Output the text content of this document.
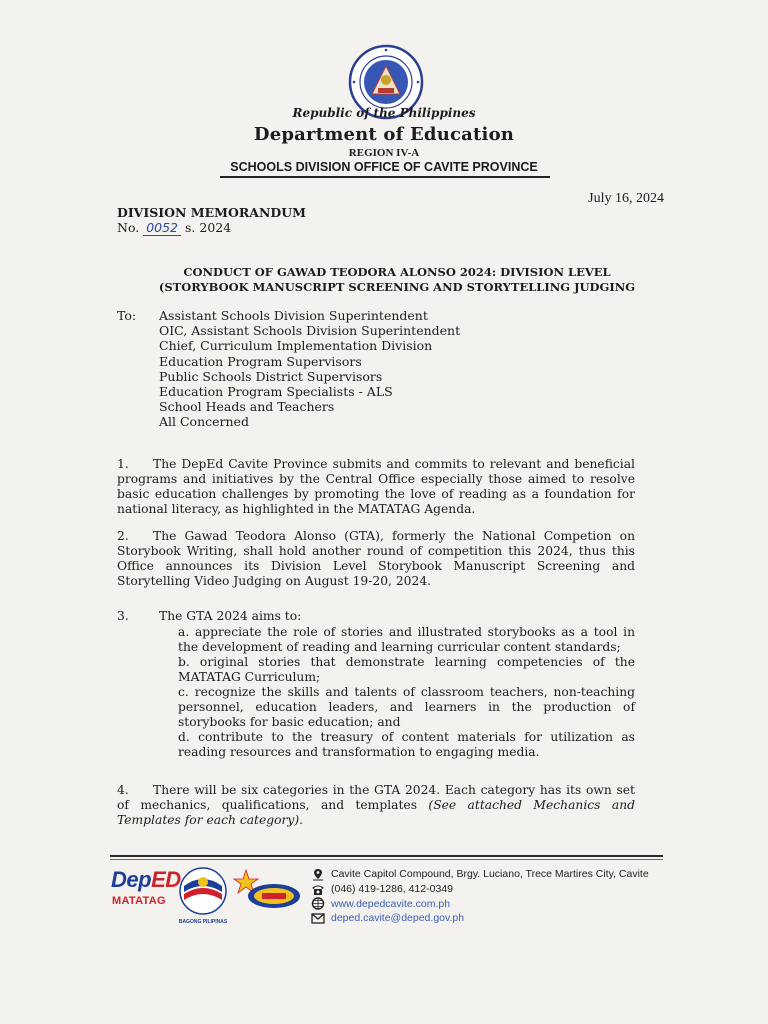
Republic of the Philippines
Department of Education
REGION IV-A
SCHOOLS DIVISION OFFICE OF CAVITE PROVINCE
July 16, 2024
DIVISION MEMORANDUM
No. 0052 s. 2024
CONDUCT OF GAWAD TEODORA ALONSO 2024: DIVISION LEVEL
(STORYBOOK MANUSCRIPT SCREENING AND STORYTELLING JUDGING
To: Assistant Schools Division Superintendent
OIC, Assistant Schools Division Superintendent
Chief, Curriculum Implementation Division
Education Program Supervisors
Public Schools District Supervisors
Education Program Specialists - ALS
School Heads and Teachers
All Concerned

1. The DepEd Cavite Province submits and commits to relevant and beneficial programs and initiatives by the Central Office especially those aimed to resolve basic education challenges by promoting the love of reading as a foundation for national literacy, as highlighted in the MATATAG Agenda.

2. The Gawad Teodora Alonso (GTA), formerly the National Competion on Storybook Writing, shall hold another round of competition this 2024, thus this Office announces its Division Level Storybook Manuscript Screening and Storytelling Video Judging on August 19-20, 2024.

3. The GTA 2024 aims to:
a. appreciate the role of stories and illustrated storybooks as a tool in the development of reading and learning curricular content standards;
b. original stories that demonstrate learning competencies of the MATATAG Curriculum;
c. recognize the skills and talents of classroom teachers, non-teaching personnel, education leaders, and learners in the production of storybooks for basic education; and
d. contribute to the treasury of content materials for utilization as reading resources and transformation to engaging media.

4. There will be six categories in the GTA 2024. Each category has its own set of mechanics, qualifications, and templates (See attached Mechanics and Templates for each category).

DepED
MATATAG
BAGONG PILIPINAS
Cavite Capitol Compound, Brgy. Luciano, Trece Martires City, Cavite
(046) 419-1286, 412-0349
www.depedcavite.com.ph
deped.cavite@deped.gov.ph
